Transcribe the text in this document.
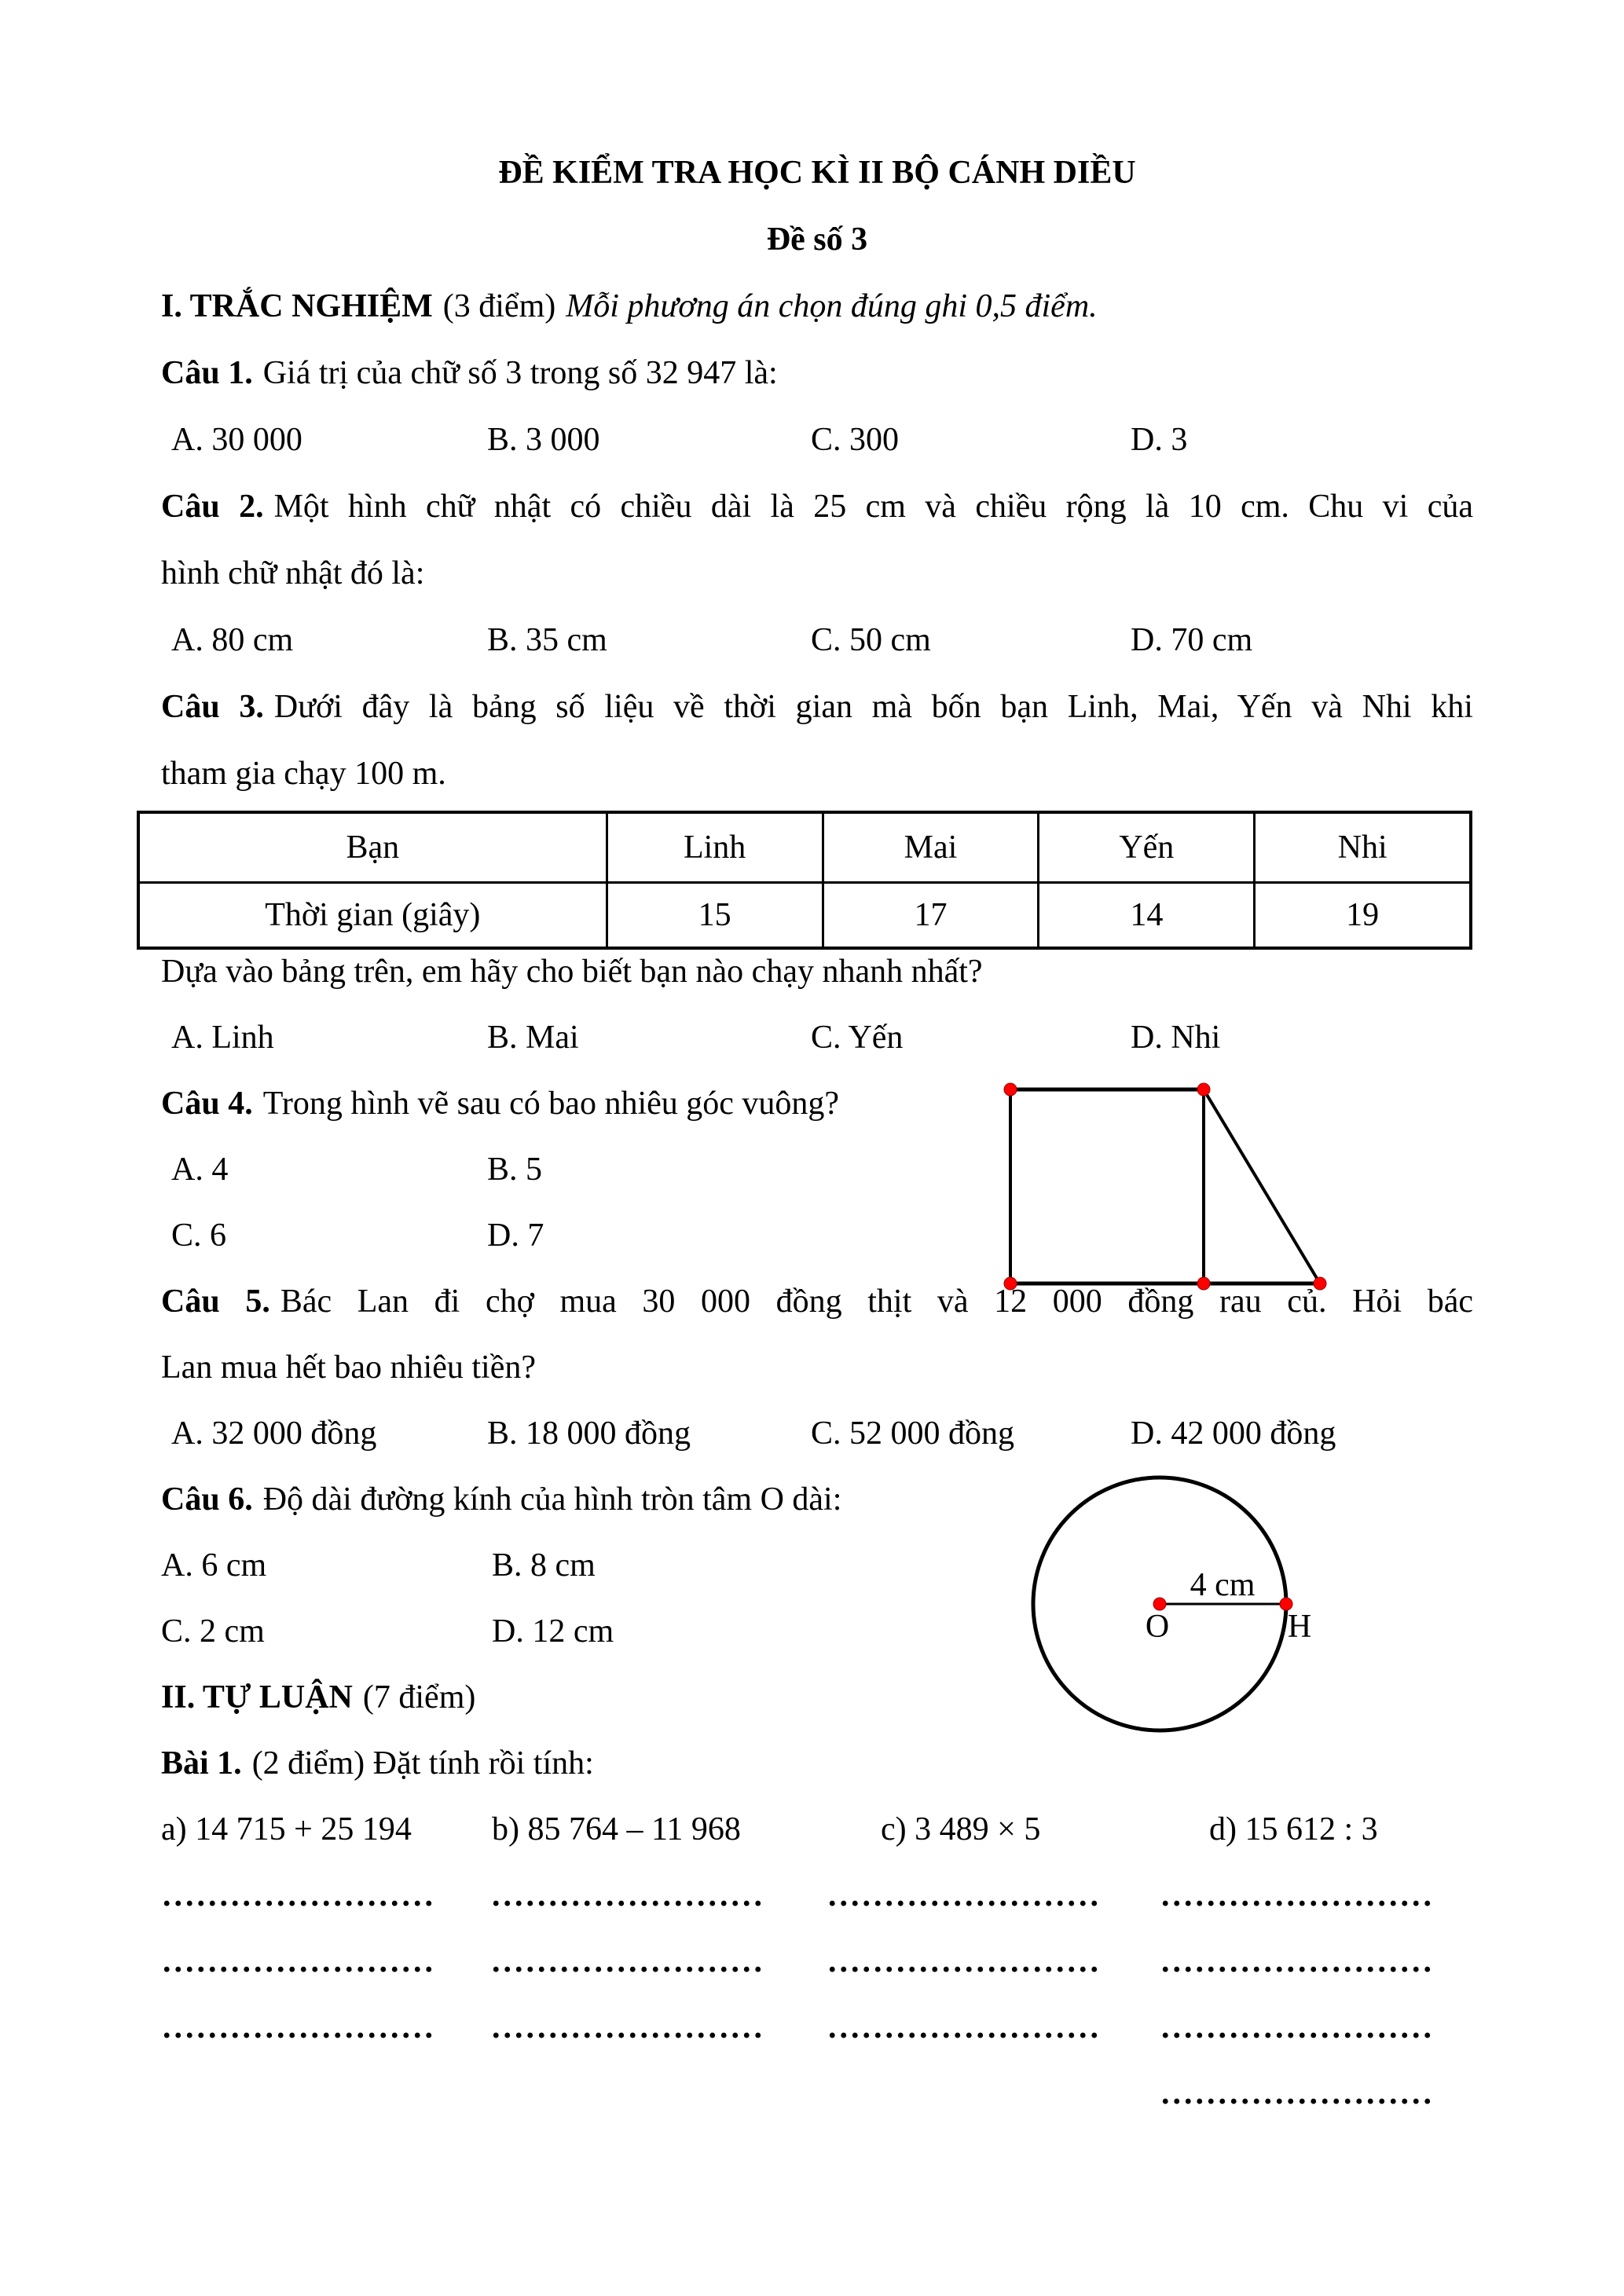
4 cm
O	H
ĐỀ KIỂM TRA HỌC KÌ II BỘ CÁNH DIỀU
Đề số 3
I. TRẮC NGHIỆM (3 điểm) Mỗi phương án chọn đúng ghi 0,5 điểm.
Câu 1. Giá trị của chữ số 3 trong số 32 947 là:
A. 30 000	B. 3 000	C. 300	D. 3
Câu 2. Một hình chữ nhật có chiều dài là 25 cm và chiều rộng là 10 cm. Chu vi của
hình chữ nhật đó là:
A. 80 cm	B. 35 cm	C. 50 cm	D. 70 cm
Câu 3. Dưới đây là bảng số liệu về thời gian mà bốn bạn Linh, Mai, Yến và Nhi khi
tham gia chạy 100 m.
Bạn	Linh	Mai	Yến	Nhi
Thời gian (giây)	15	17	14	19
Dựa vào bảng trên, em hãy cho biết bạn nào chạy nhanh nhất?
A. Linh	B. Mai	C. Yến	D. Nhi
Câu 4. Trong hình vẽ sau có bao nhiêu góc vuông?
A. 4	B. 5
C. 6	D. 7
Câu 5. Bác Lan đi chợ mua 30 000 đồng thịt và 12 000 đồng rau củ. Hỏi bác
Lan mua hết bao nhiêu tiền?
A. 32 000 đồng	B. 18 000 đồng	C. 52 000 đồng	D. 42 000 đồng
Câu 6. Độ dài đường kính của hình tròn tâm O dài:
A. 6 cm	B. 8 cm
C. 2 cm	D. 12 cm
II. TỰ LUẬN (7 điểm)
Bài 1. (2 điểm) Đặt tính rồi tính:
a) 14 715 + 25 194	b) 85 764 – 11 968	c) 3 489 × 5	d) 15 612 : 3
........................	........................	........................	........................
........................	........................	........................	........................
........................	........................	........................	........................
........................
